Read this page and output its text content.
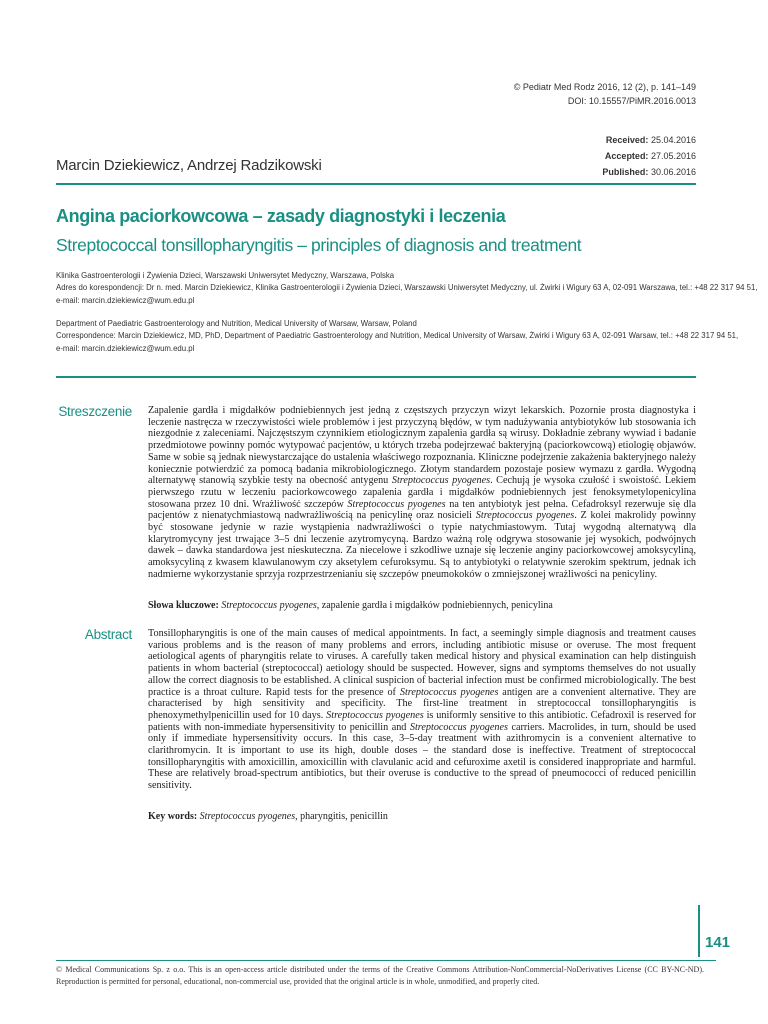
© Pediatr Med Rodz 2016, 12 (2), p. 141–149
DOI: 10.15557/PiMR.2016.0013
Received: 25.04.2016
Accepted: 27.05.2016
Published: 30.06.2016
Marcin Dziekiewicz, Andrzej Radzikowski
Angina paciorkowcowa – zasady diagnostyki i leczenia
Streptococcal tonsillopharyngitis – principles of diagnosis and treatment
Klinika Gastroenterologii i Żywienia Dzieci, Warszawski Uniwersytet Medyczny, Warszawa, Polska
Adres do korespondencji: Dr n. med. Marcin Dziekiewicz, Klinika Gastroenterologii i Żywienia Dzieci, Warszawski Uniwersytet Medyczny, ul. Żwirki i Wigury 63 A, 02-091 Warszawa, tel.: +48 22 317 94 51,
e-mail: marcin.dziekiewicz@wum.edu.pl
Department of Paediatric Gastroenterology and Nutrition, Medical University of Warsaw, Warsaw, Poland
Correspondence: Marcin Dziekiewicz, MD, PhD, Department of Paediatric Gastroenterology and Nutrition, Medical University of Warsaw, Żwirki i Wigury 63 A, 02-091 Warsaw, tel.: +48 22 317 94 51,
e-mail: marcin.dziekiewicz@wum.edu.pl
Streszczenie Zapalenie gardła i migdałków podniebiennych jest jedną z częstszych przyczyn wizyt lekarskich. Pozornie prosta diagnostyka i leczenie nastręcza w rzeczywistości wiele problemów i jest przyczyną błędów, w tym nadużywania antybiotyków lub stosowania ich niezgodnie z zaleceniami. Najczęstszym czynnikiem etiologicznym zapalenia gardła są wirusy. Dokładnie zebrany wywiad i badanie przedmiotowe powinny pomóc wytypować pacjentów, u których trzeba podejrzewać bakteryjną (paciorkowcową) etiologię objawów. Same w sobie są jednak niewystarczające do ustalenia właściwego rozpoznania. Kliniczne podejrzenie zakażenia bakteryjnego należy koniecznie potwierdzić za pomocą badania mikrobiologicznego. Złotym standardem pozostaje posiew wymazu z gardła. Wygodną alternatywę stanowią szybkie testy na obecność antygenu Streptococcus pyogenes. Cechują je wysoka czułość i swoistość. Lekiem pierwszego rzutu w leczeniu paciorkowcowego zapalenia gardła i migdałków podniebiennych jest fenoksymetylopenicylina stosowana przez 10 dni. Wrażliwość szczepów Streptococcus pyogenes na ten antybiotyk jest pełna. Cefadroksyl rezerwuje się dla pacjentów z nienatychmiastową nadwrażliwością na penicylinę oraz nosicieli Streptococcus pyogenes. Z kolei makrolidy powinny być stosowane jedynie w razie wystąpienia nadwrażliwości o typie natychmiastowym. Tutaj wygodną alternatywą dla klarytromycyny jest trwające 3–5 dni leczenie azytromycyną. Bardzo ważną rolę odgrywa stosowanie jej wysokich, podwójnych dawek – dawka standardowa jest nieskuteczna. Za niecelowe i szkodliwe uznaje się leczenie anginy paciorkowcowej amoksycyliną, amoksycyliną z kwasem klawulanowym czy aksetylem cefuroksymu. Są to antybiotyki o relatywnie szerokim spektrum, jednak ich nadmierne wykorzystanie sprzyja rozprzestrzenianiu się szczepów pneumokoków o zmniejszonej wrażliwości na penicyliny.

Słowa kluczowe: Streptococcus pyogenes, zapalenie gardła i migdałków podniebiennych, penicylina
Abstract Tonsillopharyngitis is one of the main causes of medical appointments. In fact, a seemingly simple diagnosis and treatment causes various problems and is the reason of many problems and errors, including antibiotic misuse or overuse. The most frequent aetiological agents of pharyngitis relate to viruses. A carefully taken medical history and physical examination can help distinguish patients in whom bacterial (streptococcal) aetiology should be suspected. However, signs and symptoms themselves do not usually allow the correct diagnosis to be established. A clinical suspicion of bacterial infection must be confirmed microbiologically. The best practice is a throat culture. Rapid tests for the presence of Streptococcus pyogenes antigen are a convenient alternative. They are characterised by high sensitivity and specificity. The first-line treatment in streptococcal tonsillopharyngitis is phenoxymethylpenicillin used for 10 days. Streptococcus pyogenes is uniformly sensitive to this antibiotic. Cefadroxil is reserved for patients with non-immediate hypersensitivity to penicillin and Streptococcus pyogenes carriers. Macrolides, in turn, should be used only if immediate hypersensitivity occurs. In this case, 3–5-day treatment with azithromycin is a convenient alternative to clarithromycin. It is important to use its high, double doses – the standard dose is ineffective. Treatment of streptococcal tonsillopharyngitis with amoxicillin, amoxicillin with clavulanic acid and cefuroxime axetil is considered inappropriate and harmful. These are relatively broad-spectrum antibiotics, but their overuse is conductive to the spread of pneumococci of reduced penicillin sensitivity.

Key words: Streptococcus pyogenes, pharyngitis, penicillin
141
© Medical Communications Sp. z o.o. This is an open-access article distributed under the terms of the Creative Commons Attribution-NonCommercial-NoDerivatives License (CC BY-NC-ND). Reproduction is permitted for personal, educational, non-commercial use, provided that the original article is in whole, unmodified, and properly cited.
